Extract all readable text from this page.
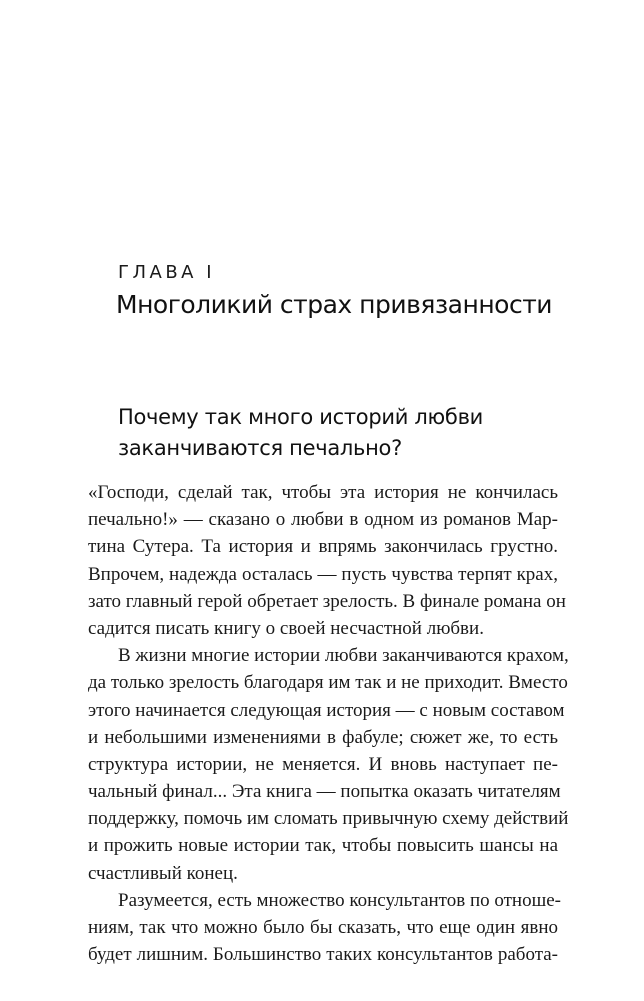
ГЛАВА I

Многоликий страх привязанности
Почему так много историй любви
заканчиваются печально?
«Господи, сделай так, чтобы эта история не кончилась
печально!» — сказано о любви в одном из романов Мар-
тина Сутера. Та история и впрямь закончилась грустно.
Впрочем, надежда осталась — пусть чувства терпят крах,
зато главный герой обретает зрелость. В финале романа он
садится писать книгу о своей несчастной любви.
В жизни многие истории любви заканчиваются крахом,
да только зрелость благодаря им так и не приходит. Вместо
этого начинается следующая история — с новым составом
и небольшими изменениями в фабуле; сюжет же, то есть
структура истории, не меняется. И вновь наступает пе-
чальный финал... Эта книга — попытка оказать читателям
поддержку, помочь им сломать привычную схему действий
и прожить новые истории так, чтобы повысить шансы на
счастливый конец.
Разумеется, есть множество консультантов по отноше-
ниям, так что можно было бы сказать, что еще один явно
будет лишним. Большинство таких консультантов работа-
